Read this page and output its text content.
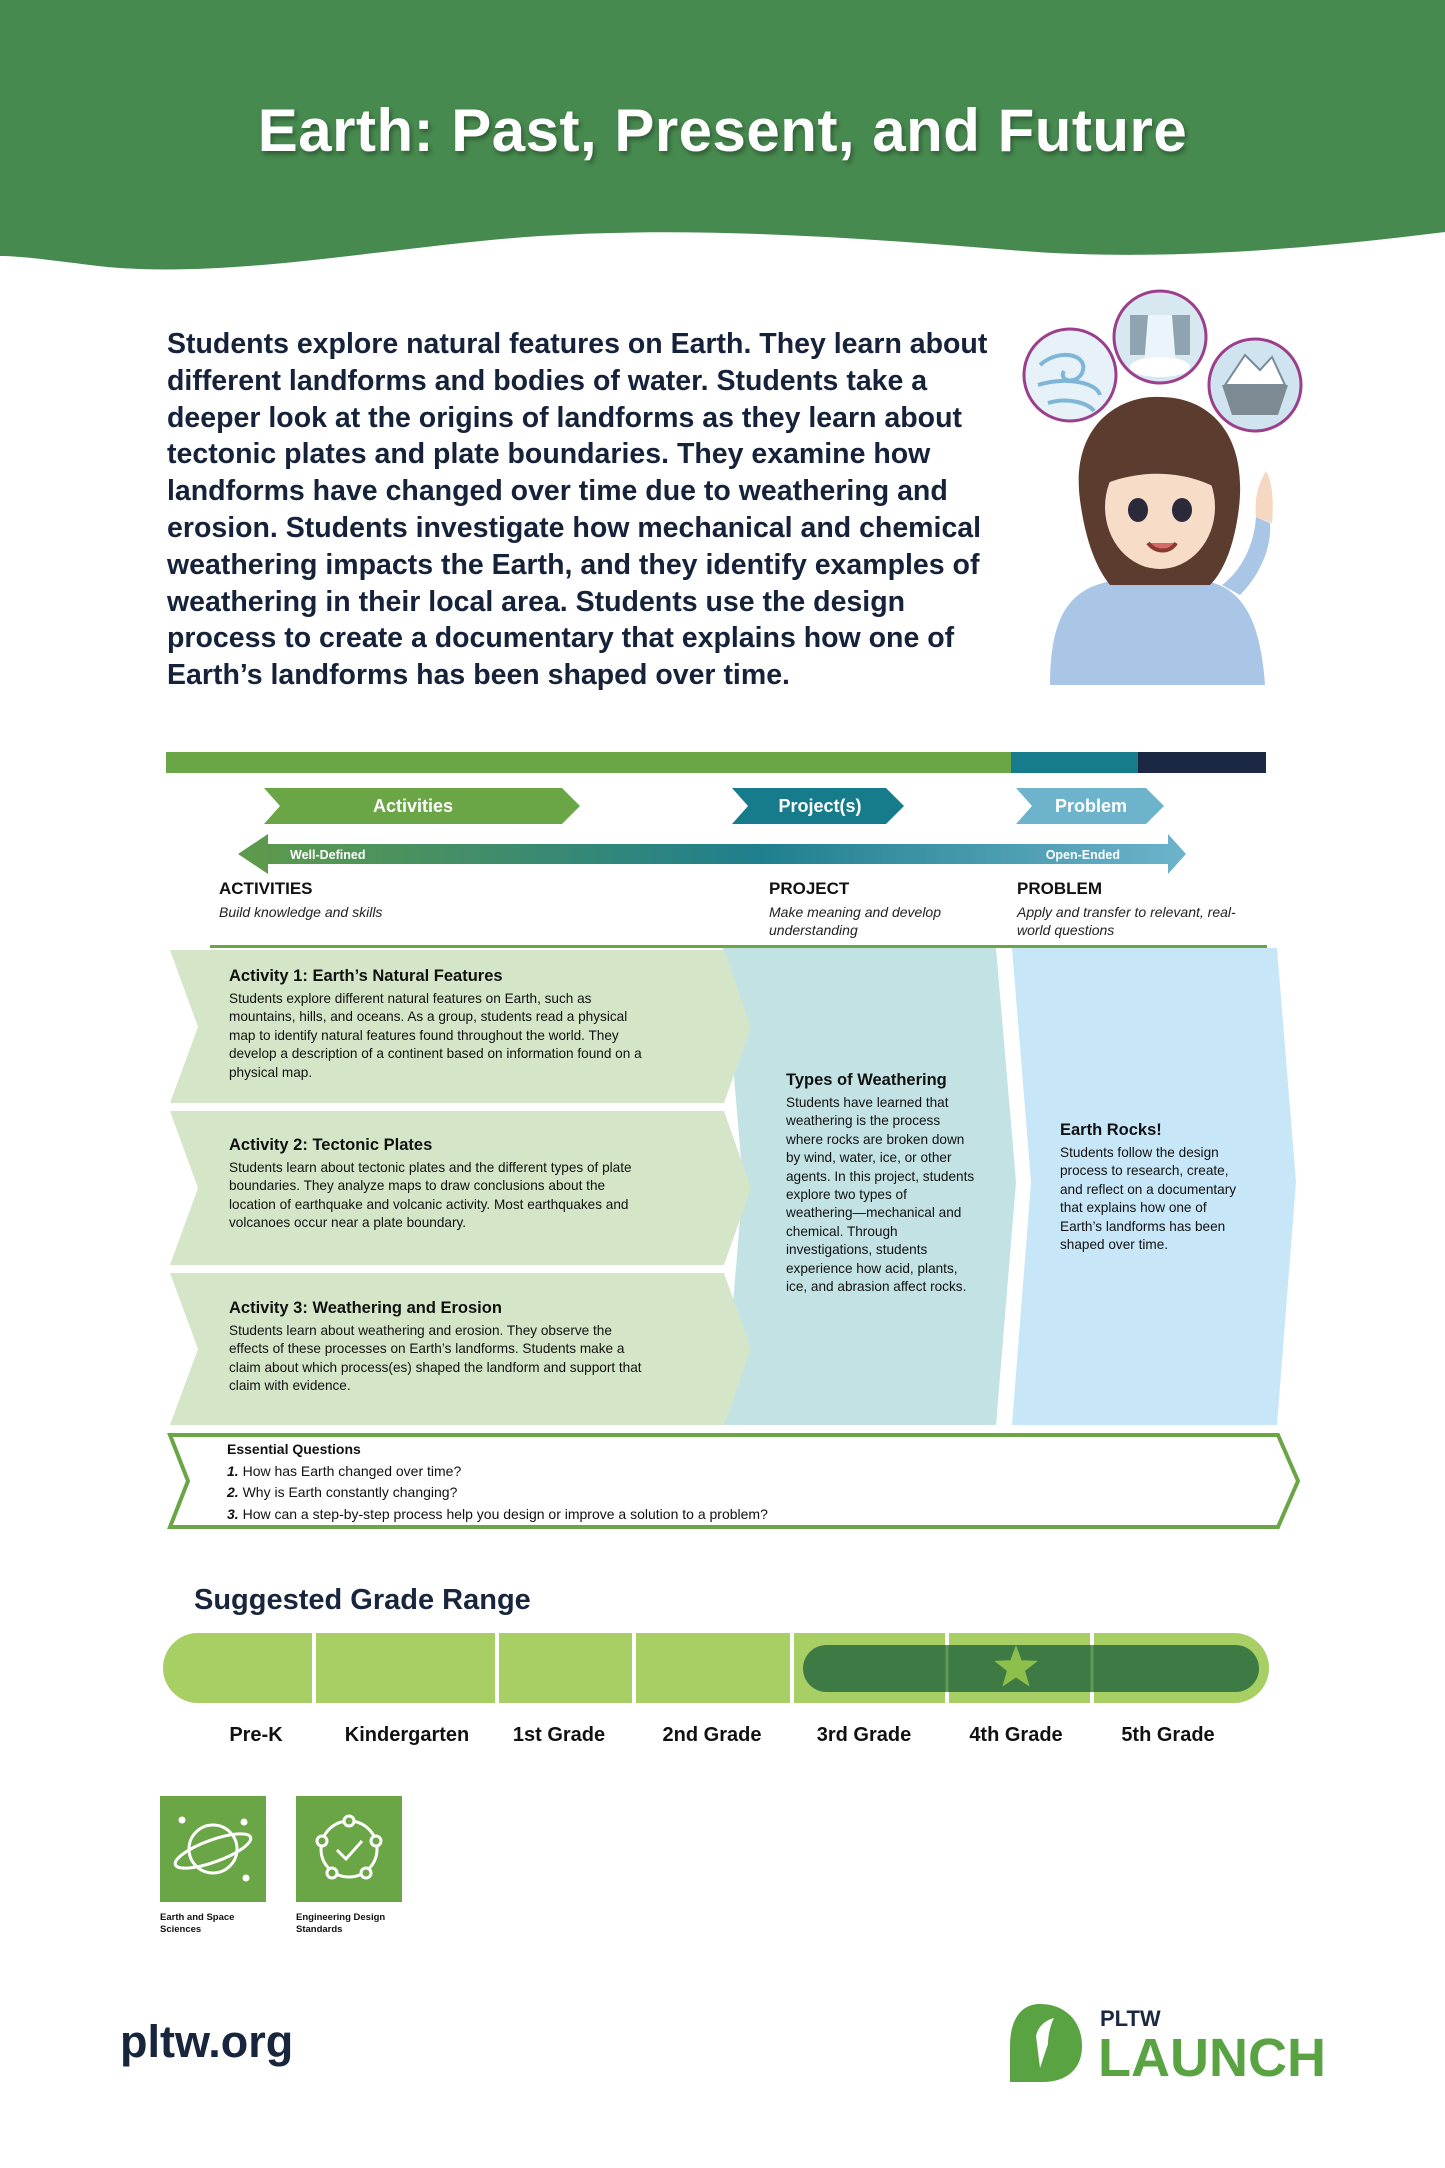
Earth: Past, Present, and Future
Students explore natural features on Earth. They learn about
different landforms and bodies of water. Students take a
deeper look at the origins of landforms as they learn about
tectonic plates and plate boundaries. They examine how
landforms have changed over time due to weathering and
erosion. Students investigate how mechanical and chemical
weathering impacts the Earth, and they identify examples of
weathering in their local area. Students use the design
process to create a documentary that explains how one of
Earth’s landforms has been shaped over time.
Activities	Project(s)	Problem
Well-Defined	Open-Ended
ACTIVITIES
Build knowledge and skills
PROJECT
Make meaning and develop
understanding
PROBLEM
Apply and transfer to relevant, real-
world questions
Activity 1: Earth’s Natural Features
Students explore different natural features on Earth, such as
mountains, hills, and oceans. As a group, students read a physical
map to identify natural features found throughout the world. They
develop a description of a continent based on information found on a
physical map.
Activity 2: Tectonic Plates
Students learn about tectonic plates and the different types of plate
boundaries. They analyze maps to draw conclusions about the
location of earthquake and volcanic activity. Most earthquakes and
volcanoes occur near a plate boundary.
Activity 3: Weathering and Erosion
Students learn about weathering and erosion. They observe the
effects of these processes on Earth’s landforms. Students make a
claim about which process(es) shaped the landform and support that
claim with evidence.
Types of Weathering
Students have learned that
weathering is the process
where rocks are broken down
by wind, water, ice, or other
agents. In this project, students
explore two types of
weathering—mechanical and
chemical. Through
investigations, students
experience how acid, plants,
ice, and abrasion affect rocks.
Earth Rocks!
Students follow the design
process to research, create,
and reflect on a documentary
that explains how one of
Earth’s landforms has been
shaped over time.
Essential Questions
1. How has Earth changed over time?
2. Why is Earth constantly changing?
3. How can a step-by-step process help you design or improve a solution to a problem?
Suggested Grade Range
Pre-K	Kindergarten	1st Grade	2nd Grade	3rd Grade	4th Grade	5th Grade
Earth and Space
Sciences
Engineering Design
Standards
pltw.org	PLTW
LAUNCH
